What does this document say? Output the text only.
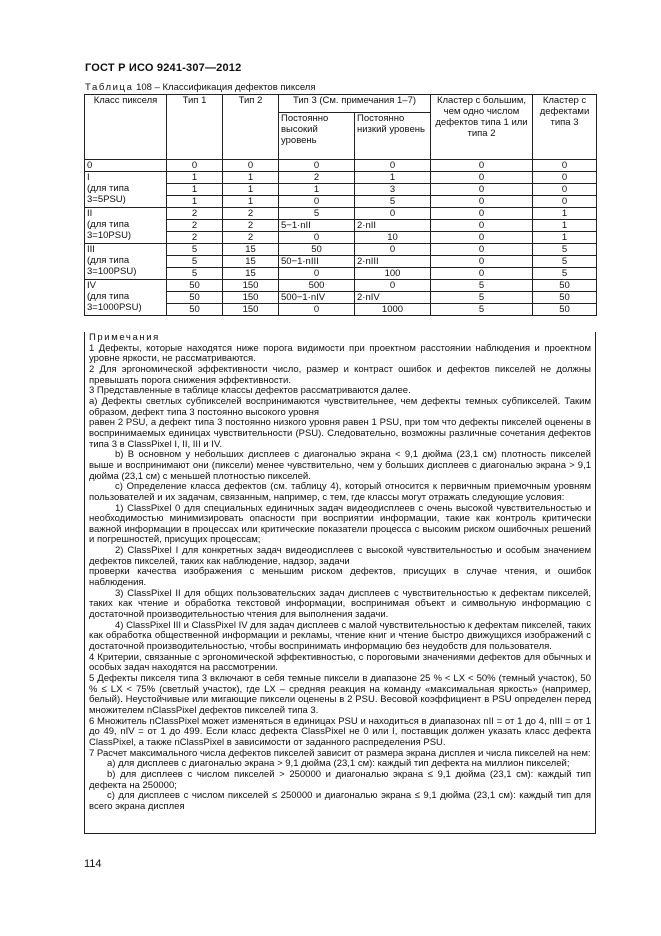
ГОСТ Р ИСО 9241-307—2012
Таблица 108 – Классификация дефектов пикселя
Класс пикселя	Тип 1	Тип 2	Тип 3 (См. примечания 1–7)		Кластер с большим, чем одно числом дефектов типа 1 или типа 2	Кластер с дефектами типа 3
			Постоянно высокий уровень	Постоянно низкий уровень		

0	0	0	0	0	0	0

I
(для типа
3=5PSU)	1	1	2	1	0	0
	1	1	1	3	0	0
	1	1	0	5	0	0

II
(для типа
3=10PSU)	2	2	5	0	0	1
	2	2	5−1·nII	2·nII	0	1
	2	2	0	10	0	1

III
(для типа
3=100PSU)	5	15	50	0	0	5
	5	15	50−1·nIII	2·nIII	0	5
	5	15	0	100	0	5

IV
(для типа
3=1000PSU)	50	150	500	0	5	50
	50	150	500−1·nIV	2·nIV	5	50
	50	150	0	1000	5	50

Примечания

1 Дефекты, которые находятся ниже порога видимости при проектном расстоянии наблюдения и проектном уровне яркости, не рассматриваются.

2 Для эргономической эффективности число, размер и контраст ошибок и дефектов пикселей не должны превышать порога снижения эффективности.

3 Представленные в таблице классы дефектов рассматриваются далее.

а) Дефекты светлых субпикселей воспринимаются чувствительнее, чем дефекты темных субпикселей. Таким образом, дефект типа 3 постоянно высокого уровня

равен 2 PSU, а дефект типа 3 постоянно низкого уровня равен 1 PSU, при том что дефекты пикселей оценены в воспринимаемых единицах чувствительности (PSU). Следовательно, возможны различные сочетания дефектов типа 3 в ClassPixel I, II, III и IV.

b) В основном у небольших дисплеев с диагональю экрана < 9,1 дюйма (23,1 см) плотность пикселей выше и воспринимают они (пиксели) менее чувствительно, чем у больших дисплеев с диагональю экрана > 9,1 дюйма (23,1 см) с меньшей плотностью пикселей.

c) Определение класса дефектов (см. таблицу 4), который относится к первичным приемочным уровням пользователей и их задачам, связанным, например, с тем, где классы могут отражать следующие условия:

1) ClassPixel 0 для специальных единичных задач видеодисплеев с очень высокой чувствительностью и необходимостью минимизировать опасности при восприятии информации, такие как контроль критически важной информации в процессах или критические показатели процесса с высоким риском ошибочных решений и погрешностей, присущих процессам;

2) ClassPixel I для конкретных задач видеодисплеев с высокой чувствительностью и особым значением дефектов пикселей, таких как наблюдение, надзор, задачи

проверки качества изображения с меньшим риском дефектов, присущих в случае чтения, и ошибок наблюдения.

3) ClassPixel II для общих пользовательских задач дисплеев с чувствительностью к дефектам пикселей, таких как чтение и обработка текстовой информации, воспринимая объект и символьную информацию с достаточной производительностью чтения для выполнения задачи.

4) ClassPixel III и ClassPixel IV для задач дисплеев с малой чувствительностью к дефектам пикселей, таких как обработка общественной информации и рекламы, чтение книг и чтение быстро движущихся изображений с достаточной производительностью, чтобы воспринимать информацию без неудобств для пользователя.

4 Критерии, связанные с эргономической эффективностью, с пороговыми значениями дефектов для обычных и особых задач находятся на рассмотрении.

5 Дефекты пикселя типа 3 включают в себя темные пиксели в диапазоне 25 % < LX < 50% (темный участок), 50 % ≤ LX < 75% (светлый участок), где LX – средняя реакция на команду «максимальная яркость» (например, белый). Неустойчивые или мигающие пиксели оценены в 2 PSU. Весовой коэффициент в PSU определен перед множителем nClassPixel дефектов пикселей типа 3.

6 Множитель nClassPixel может изменяться в единицах PSU и находиться в диапазонах nII = от 1 до 4, nIII = от 1 до 49, nIV = от 1 до 499. Если класс дефекта ClassPixel не 0 или I, поставщик должен указать класс дефекта ClassPixel, а также nClassPixel в зависимости от заданного распределения PSU.

7 Расчет максимального числа дефектов пикселей зависит от размера экрана дисплея и числа пикселей на нем:

а) для дисплеев с диагональю экрана > 9,1 дюйма (23,1 см): каждый тип дефекта на миллион пикселей;

b) для дисплеев с числом пикселей > 250000 и диагональю экрана ≤ 9,1 дюйма (23,1 см): каждый тип дефекта на 250000;

c) для дисплеев с числом пикселей ≤ 250000 и диагональю экрана ≤ 9,1 дюйма (23,1 см): каждый тип для всего экрана дисплея

114
